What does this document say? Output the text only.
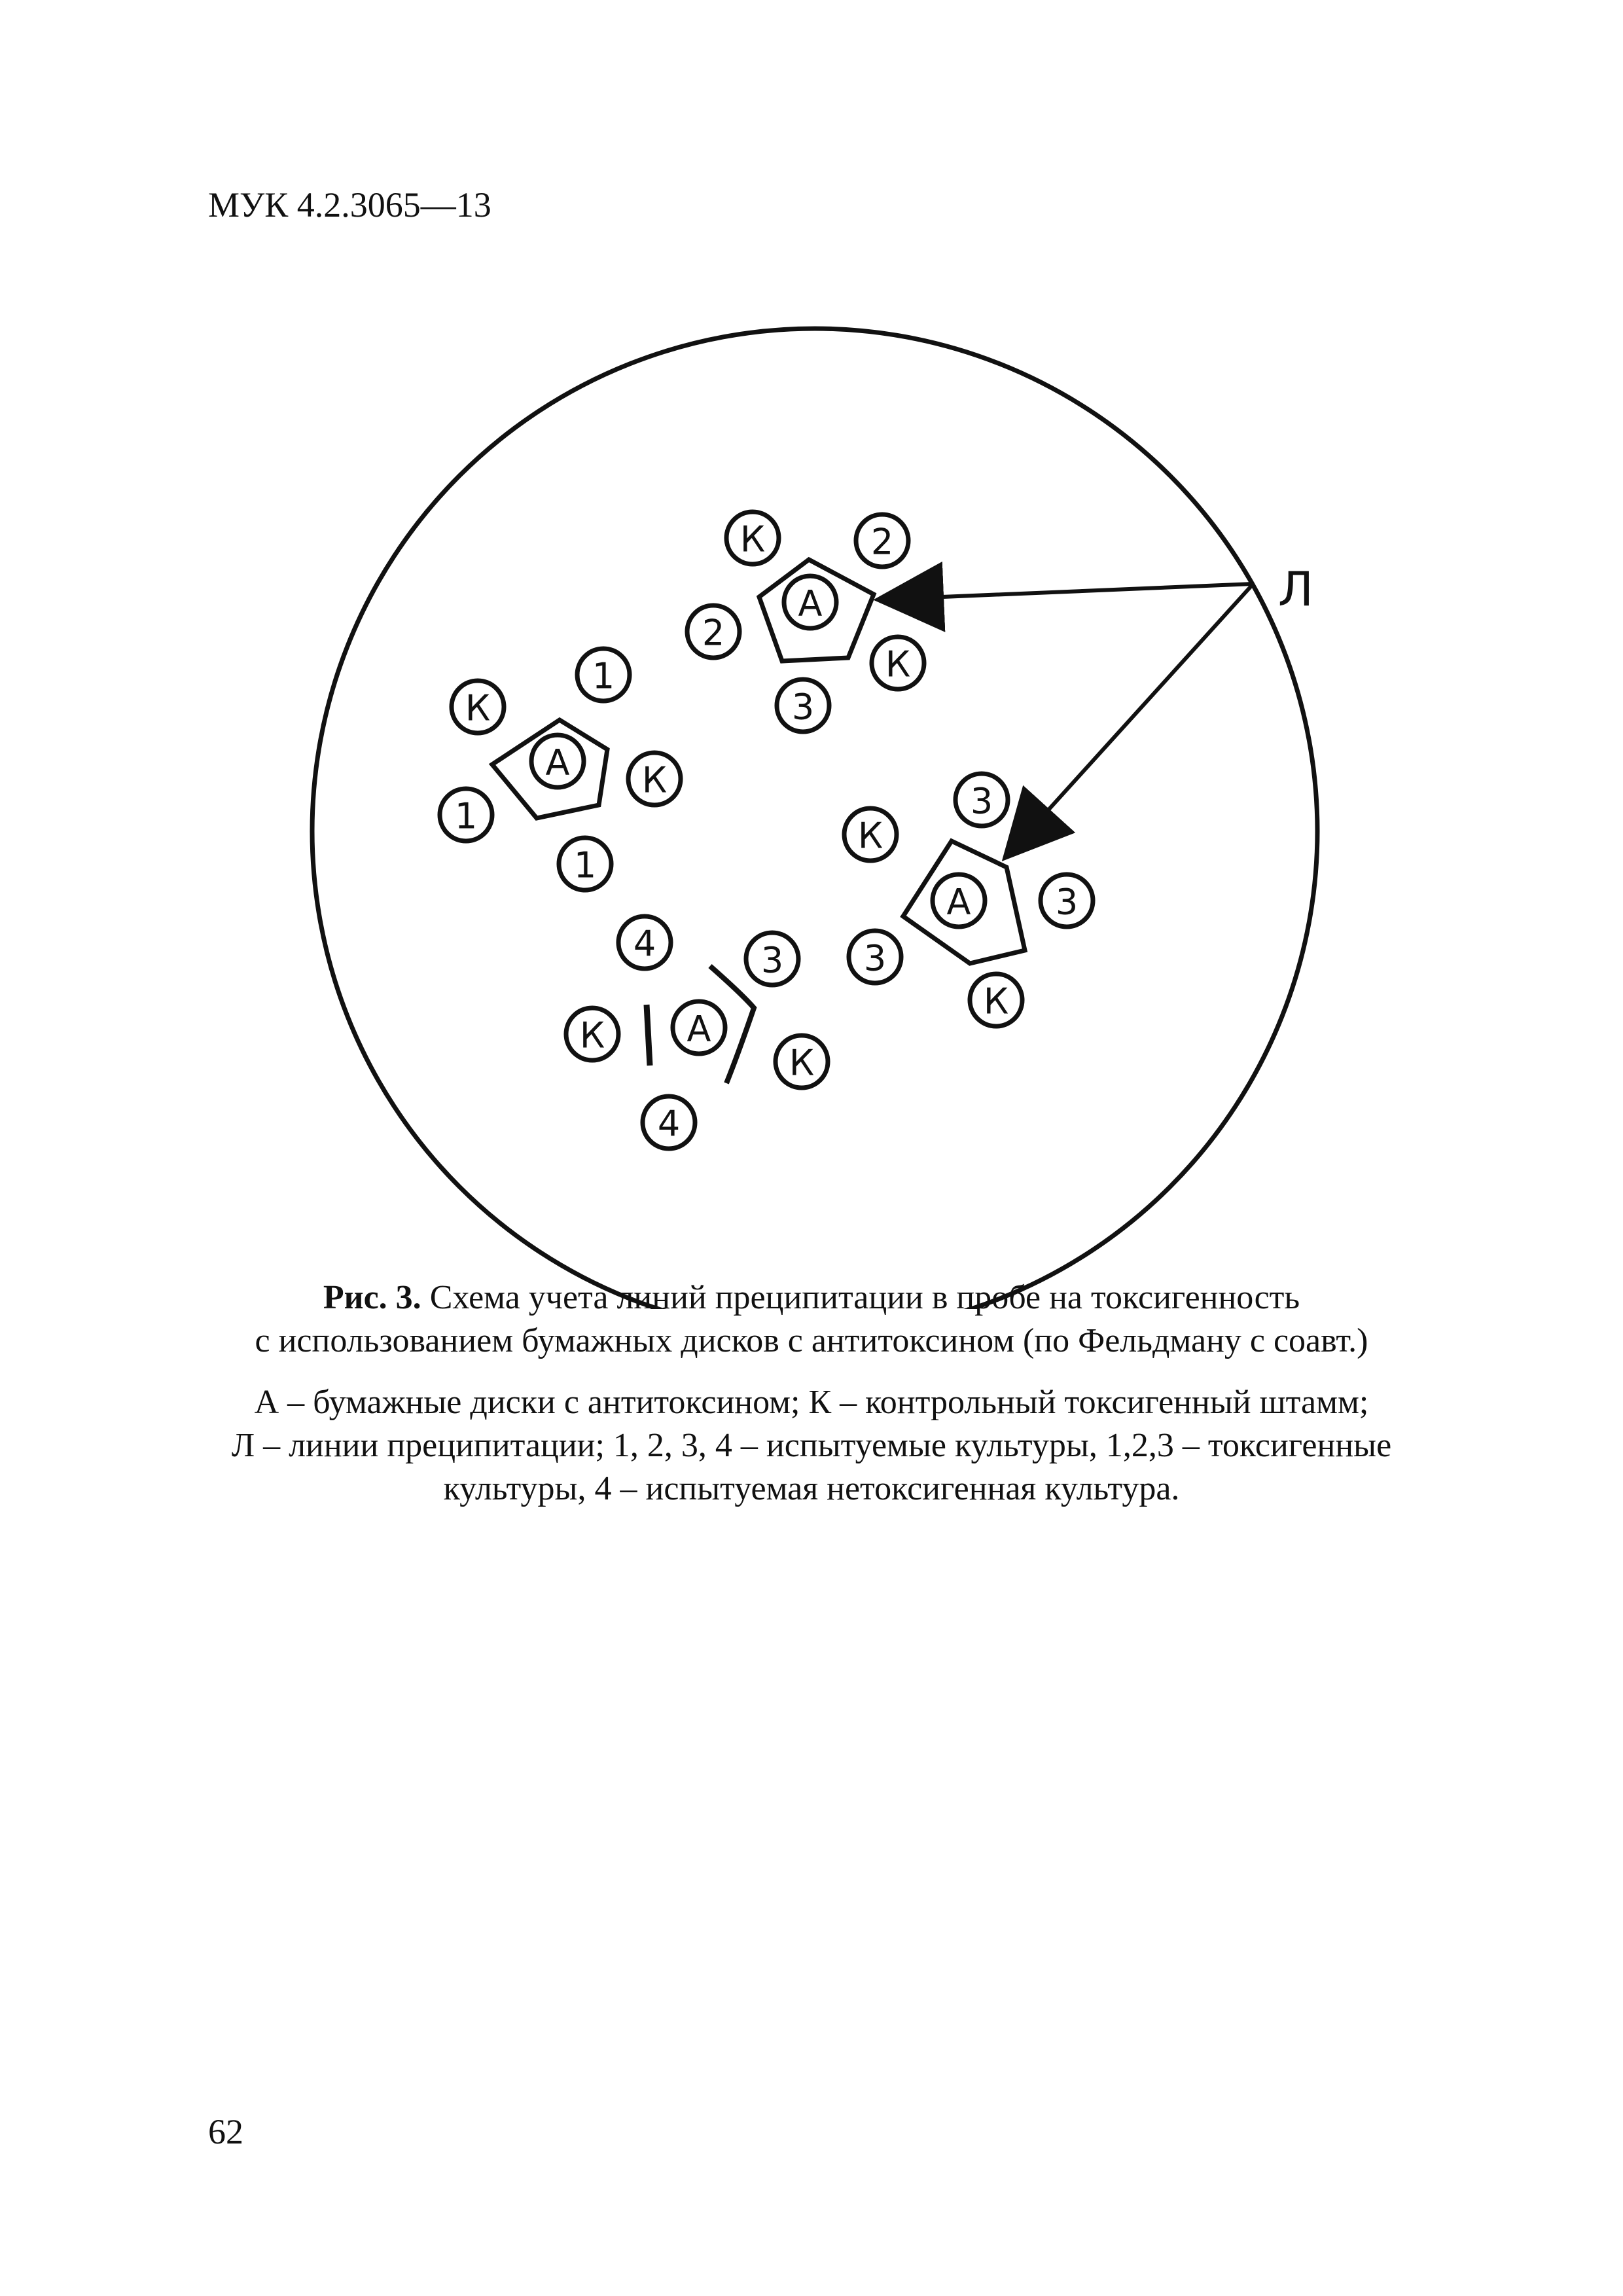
МУК 4.2.3065—13
А
К	2
2
К
3
А
К
1
1
К
1
А
К
3
3
3
К
А
4	3
К
К
4
Л

Рис. 3. Схема учета линий преципитации в пробе на токсигенность

с использованием бумажных дисков с антитоксином (по Фельдману с соавт.)

А – бумажные диски с антитоксином; К – контрольный токсигенный штамм;

Л – линии преципитации; 1, 2, 3, 4 – испытуемые культуры, 1,2,3 – токсигенные

культуры, 4 – испытуемая нетоксигенная культура.

62
